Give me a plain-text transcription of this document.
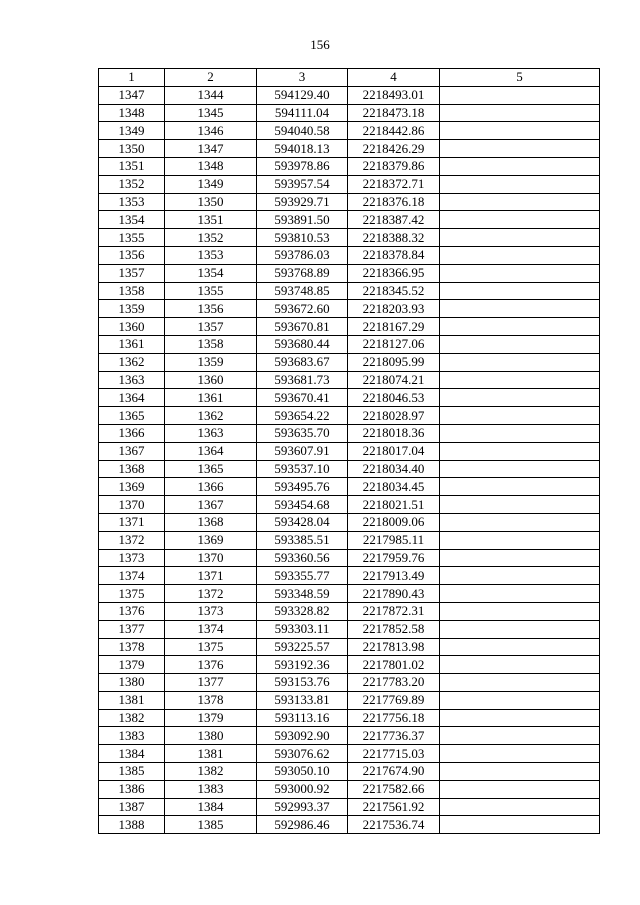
156
1	2	3	4	5
1347	1344	594129.40	2218493.01	
1348	1345	594111.04	2218473.18	
1349	1346	594040.58	2218442.86	
1350	1347	594018.13	2218426.29	
1351	1348	593978.86	2218379.86	
1352	1349	593957.54	2218372.71	
1353	1350	593929.71	2218376.18	
1354	1351	593891.50	2218387.42	
1355	1352	593810.53	2218388.32	
1356	1353	593786.03	2218378.84	
1357	1354	593768.89	2218366.95	
1358	1355	593748.85	2218345.52	
1359	1356	593672.60	2218203.93	
1360	1357	593670.81	2218167.29	
1361	1358	593680.44	2218127.06	
1362	1359	593683.67	2218095.99	
1363	1360	593681.73	2218074.21	
1364	1361	593670.41	2218046.53	
1365	1362	593654.22	2218028.97	
1366	1363	593635.70	2218018.36	
1367	1364	593607.91	2218017.04	
1368	1365	593537.10	2218034.40	
1369	1366	593495.76	2218034.45	
1370	1367	593454.68	2218021.51	
1371	1368	593428.04	2218009.06	
1372	1369	593385.51	2217985.11	
1373	1370	593360.56	2217959.76	
1374	1371	593355.77	2217913.49	
1375	1372	593348.59	2217890.43	
1376	1373	593328.82	2217872.31	
1377	1374	593303.11	2217852.58	
1378	1375	593225.57	2217813.98	
1379	1376	593192.36	2217801.02	
1380	1377	593153.76	2217783.20	
1381	1378	593133.81	2217769.89	
1382	1379	593113.16	2217756.18	
1383	1380	593092.90	2217736.37	
1384	1381	593076.62	2217715.03	
1385	1382	593050.10	2217674.90	
1386	1383	593000.92	2217582.66	
1387	1384	592993.37	2217561.92	
1388	1385	592986.46	2217536.74	
